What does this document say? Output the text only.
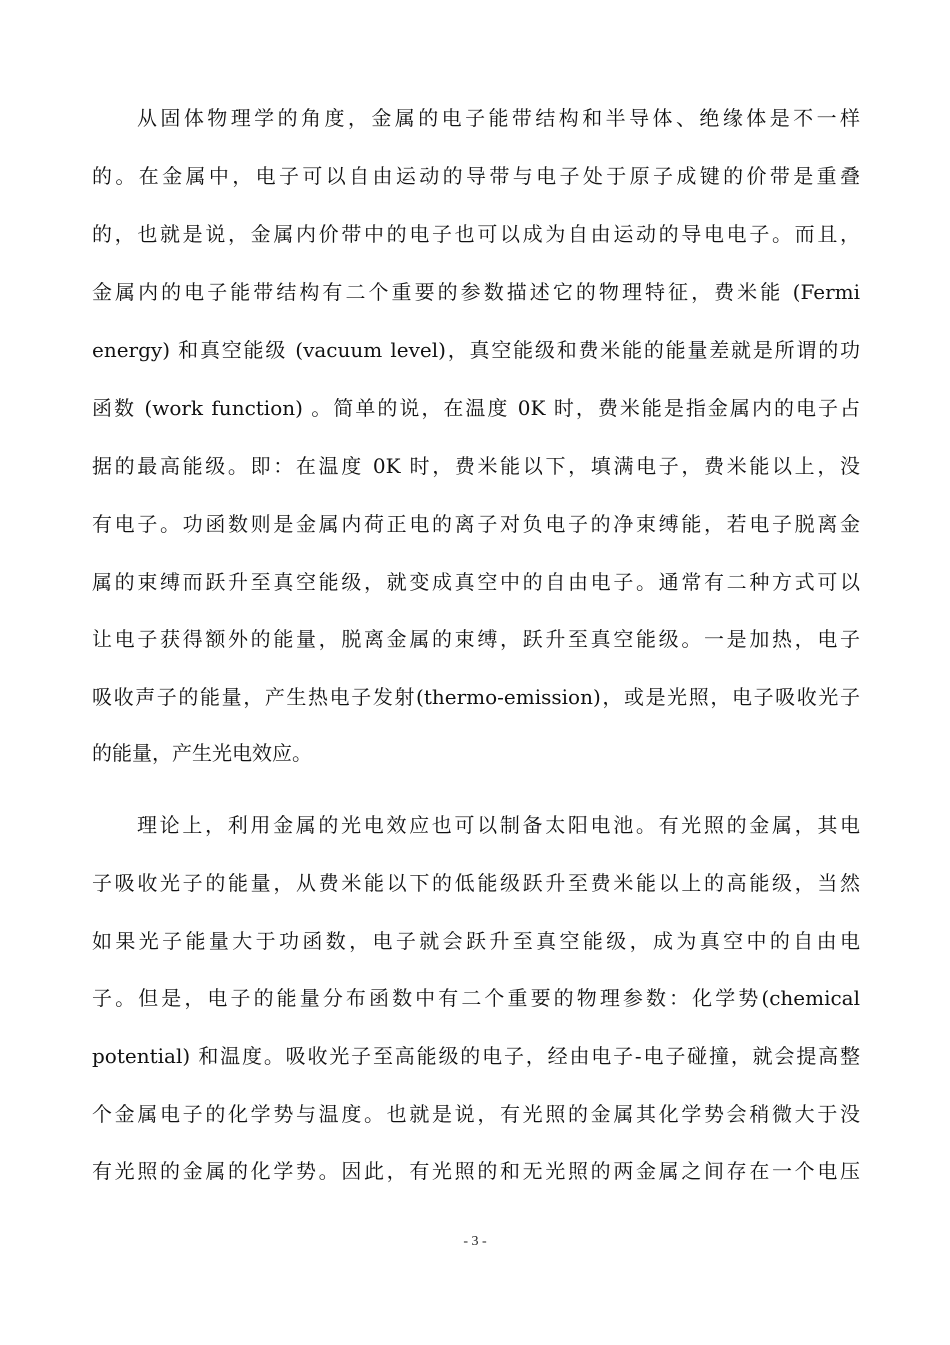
从固体物理学的角度，金属的电子能带结构和半导体、绝缘体是不一样
的。在金属中，电子可以自由运动的导带与电子处于原子成键的价带是重叠
的，也就是说，金属内价带中的电子也可以成为自由运动的导电电子。而且，
金属内的电子能带结构有二个重要的参数描述它的物理特征，费米能 (Fermi
energy) 和真空能级 (vacuum level)，真空能级和费米能的能量差就是所谓的功
函数 (work function) 。简单的说，在温度 0K 时，费米能是指金属内的电子占
据的最高能级。即：在温度 0K 时，费米能以下，填满电子，费米能以上，没
有电子。功函数则是金属内荷正电的离子对负电子的净束缚能，若电子脱离金
属的束缚而跃升至真空能级，就变成真空中的自由电子。通常有二种方式可以
让电子获得额外的能量，脱离金属的束缚，跃升至真空能级。一是加热，电子
吸收声子的能量，产生热电子发射(thermo-emission)，或是光照，电子吸收光子
的能量，产生光电效应。
理论上，利用金属的光电效应也可以制备太阳电池。有光照的金属，其电
子吸收光子的能量，从费米能以下的低能级跃升至费米能以上的高能级，当然
如果光子能量大于功函数，电子就会跃升至真空能级，成为真空中的自由电
子。但是，电子的能量分布函数中有二个重要的物理参数：化学势(chemical
potential) 和温度。吸收光子至高能级的电子，经由电子-电子碰撞，就会提高整
个金属电子的化学势与温度。也就是说，有光照的金属其化学势会稍微大于没
有光照的金属的化学势。因此，有光照的和无光照的两金属之间存在一个电压
- 3 -
